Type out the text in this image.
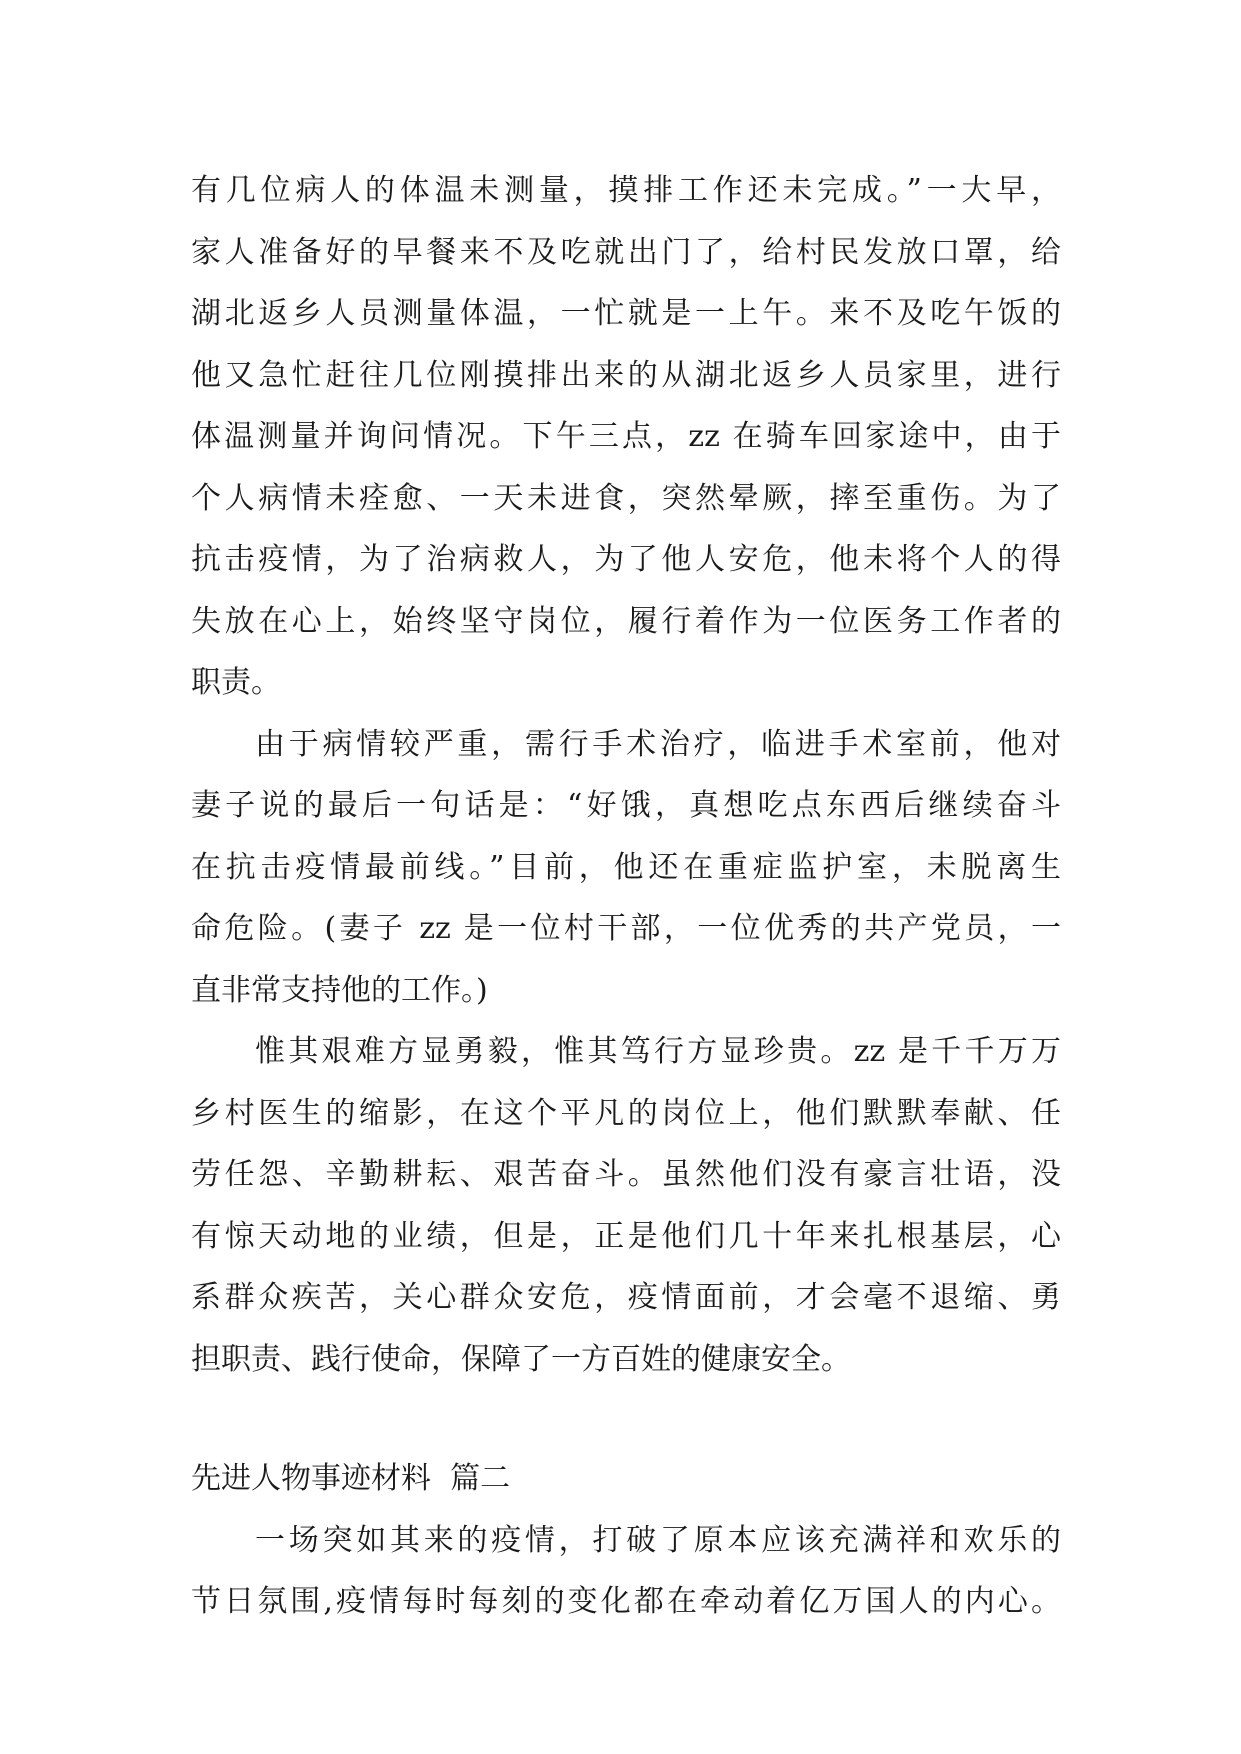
有几位病人的体温未测量，摸排工作还未完成。”一大早，
家人准备好的早餐来不及吃就出门了，给村民发放口罩，给
湖北返乡人员测量体温，一忙就是一上午。来不及吃午饭的
他又急忙赶往几位刚摸排出来的从湖北返乡人员家里，进行
体温测量并询问情况。下午三点，zz 在骑车回家途中，由于
个人病情未痊愈、一天未进食，突然晕厥，摔至重伤。为了
抗击疫情，为了治病救人，为了他人安危，他未将个人的得
失放在心上，始终坚守岗位，履行着作为一位医务工作者的
职责。
由于病情较严重，需行手术治疗，临进手术室前，他对
妻子说的最后一句话是：“好饿，真想吃点东西后继续奋斗
在抗击疫情最前线。”目前，他还在重症监护室，未脱离生
命危险。(妻子 zz 是一位村干部，一位优秀的共产党员，一
直非常支持他的工作。)
惟其艰难方显勇毅，惟其笃行方显珍贵。zz 是千千万万
乡村医生的缩影，在这个平凡的岗位上，他们默默奉献、任
劳任怨、辛勤耕耘、艰苦奋斗。虽然他们没有豪言壮语，没
有惊天动地的业绩，但是，正是他们几十年来扎根基层，心
系群众疾苦，关心群众安危，疫情面前，才会毫不退缩、勇
担职责、践行使命，保障了一方百姓的健康安全。
先进人物事迹材料  篇二
一场突如其来的疫情，打破了原本应该充满祥和欢乐的
节日氛围,疫情每时每刻的变化都在牵动着亿万国人的内心。
